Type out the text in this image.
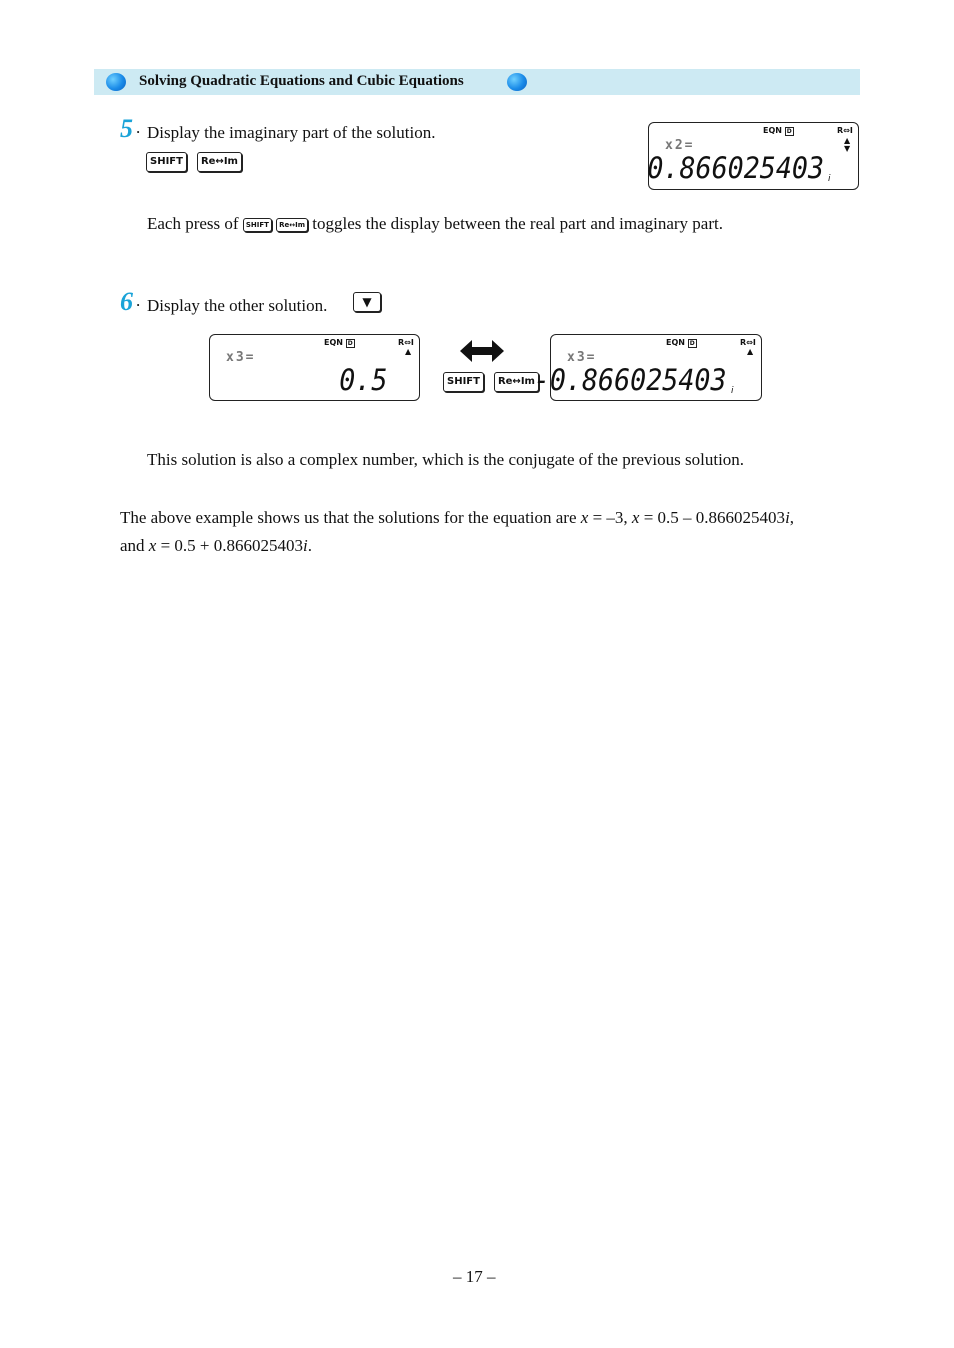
Solving Quadratic Equations and Cubic Equations
5 . Display the imaginary part of the solution.
SHIFT Re↔Im
EQN D	R⇔I
▲
▼
x2=
0.866025403 i
Each press of SHIFT Re↔Im toggles the display between the real part and imaginary part.
6 . Display the other solution.	▼
EQN D	R⇔I
▲
x3=
0.5	SHIFT Re↔Im
EQN D	R⇔I
▲
x3=
-0.866025403 i
This solution is also a complex number, which is the conjugate of the previous solution.
The above example shows us that the solutions for the equation are x = –3, x = 0.5 – 0.866025403i,
and x = 0.5 + 0.866025403i.
– 17 –
